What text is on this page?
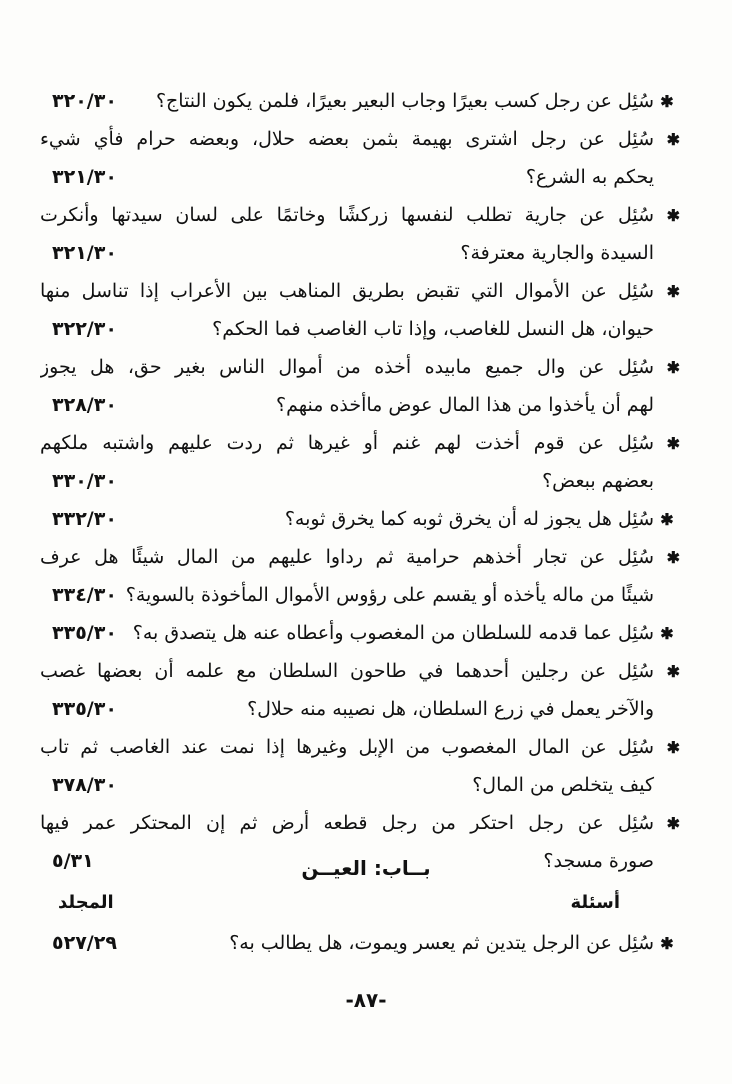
✱سُئِل عن رجل كسب بعيرًا وجاب البعير بعيرًا، فلمن يكون النتاج؟
٣٢٠/٣٠
✱سُئِل عن رجل اشترى بهيمة بثمن بعضه حلال، وبعضه حرام فأي شيء
يحكم به الشرع؟
٣٢١/٣٠
✱سُئِل عن جارية تطلب لنفسها زركشًا وخاتمًا على لسان سيدتها وأنكرت
السيدة والجارية معترفة؟
٣٢١/٣٠
✱سُئِل عن الأموال التي تقبض بطريق المناهب بين الأعراب إذا تناسل منها
حيوان، هل النسل للغاصب، وإذا تاب الغاصب فما الحكم؟
٣٢٢/٣٠
✱سُئِل عن وال جميع مابيده أخذه من أموال الناس بغير حق، هل يجوز
لهم أن يأخذوا من هذا المال عوض ماأخذه منهم؟
٣٢٨/٣٠
✱سُئِل عن قوم أخذت لهم غنم أو غيرها ثم ردت عليهم واشتبه ملكهم
بعضهم ببعض؟
٣٣٠/٣٠
✱سُئِل هل يجوز له أن يخرق ثوبه كما يخرق ثوبه؟
٣٣٢/٣٠
✱سُئِل عن تجار أخذهم حرامية ثم رداوا عليهم من المال شيئًا هل عرف
شيئًا من ماله يأخذه أو يقسم على رؤوس الأموال المأخوذة بالسوية؟
٣٣٤/٣٠
✱سُئِل عما قدمه للسلطان من المغصوب وأعطاه عنه هل يتصدق به؟
٣٣٥/٣٠
✱سُئِل عن رجلين أحدهما في طاحون السلطان مع علمه أن بعضها غصب
والآخر يعمل في زرع السلطان، هل نصيبه منه حلال؟
٣٣٥/٣٠
✱سُئِل عن المال المغصوب من الإبل وغيرها إذا نمت عند الغاصب ثم تاب
كيف يتخلص من المال؟
٣٧٨/٣٠
✱سُئِل عن رجل احتكر من رجل قطعه أرض ثم إن المحتكر عمر فيها
صورة مسجد؟
٥/٣١	بــاب: العيــن
أسئلة
المجلد
✱سُئِل عن الرجل يتدين ثم يعسر ويموت، هل يطالب به؟
٥٢٧/٢٩
-٨٧-
